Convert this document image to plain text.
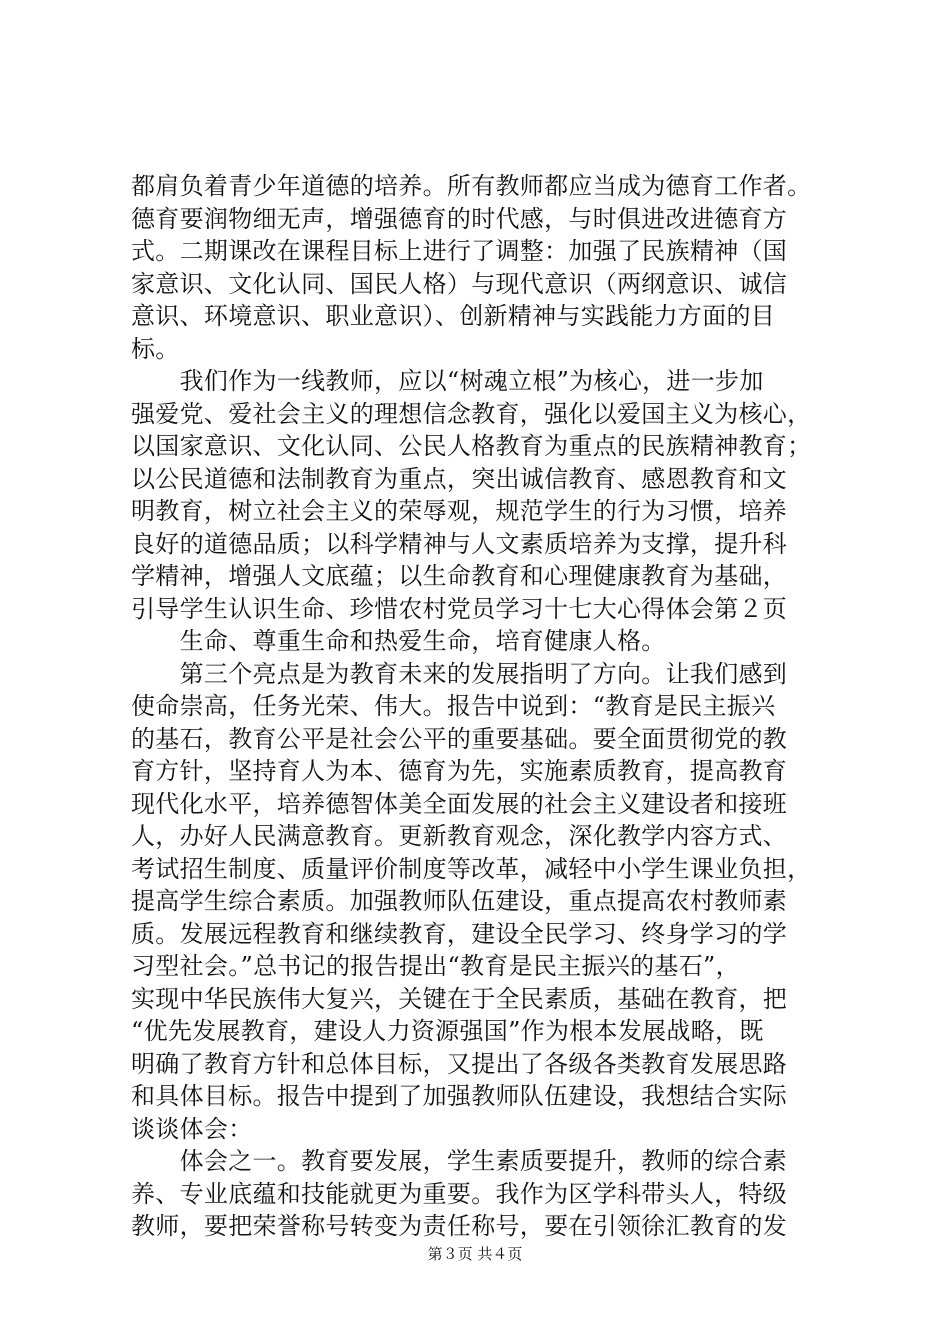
都肩负着青少年道德的培养。所有教师都应当成为德育工作者。
德育要润物细无声，增强德育的时代感，与时俱进改进德育方
式。二期课改在课程目标上进行了调整：加强了民族精神（国
家意识、文化认同、国民人格）与现代意识（两纲意识、诚信
意识、环境意识、职业意识）、创新精神与实践能力方面的目
标。
　　我们作为一线教师，应以“树魂立根”为核心，进一步加
强爱党、爱社会主义的理想信念教育，强化以爱国主义为核心，
以国家意识、文化认同、公民人格教育为重点的民族精神教育；
以公民道德和法制教育为重点，突出诚信教育、感恩教育和文
明教育，树立社会主义的荣辱观，规范学生的行为习惯，培养
良好的道德品质；以科学精神与人文素质培养为支撑，提升科
学精神，增强人文底蕴；以生命教育和心理健康教育为基础，
引导学生认识生命、珍惜农村党员学习十七大心得体会第２页
　　生命、尊重生命和热爱生命，培育健康人格。
　　第三个亮点是为教育未来的发展指明了方向。让我们感到
使命崇高，任务光荣、伟大。报告中说到：“教育是民主振兴
的基石，教育公平是社会公平的重要基础。要全面贯彻党的教
育方针，坚持育人为本、德育为先，实施素质教育，提高教育
现代化水平，培养德智体美全面发展的社会主义建设者和接班
人，办好人民满意教育。更新教育观念，深化教学内容方式、
考试招生制度、质量评价制度等改革，减轻中小学生课业负担，
提高学生综合素质。加强教师队伍建设，重点提高农村教师素
质。发展远程教育和继续教育，建设全民学习、终身学习的学
习型社会。”总书记的报告提出“教育是民主振兴的基石”，
实现中华民族伟大复兴，关键在于全民素质，基础在教育，把
“优先发展教育，建设人力资源强国”作为根本发展战略，既
明确了教育方针和总体目标，又提出了各级各类教育发展思路
和具体目标。报告中提到了加强教师队伍建设，我想结合实际
谈谈体会：
　　体会之一。教育要发展，学生素质要提升，教师的综合素
养、专业底蕴和技能就更为重要。我作为区学科带头人，特级
教师，要把荣誉称号转变为责任称号，要在引领徐汇教育的发
第３页 共４页
